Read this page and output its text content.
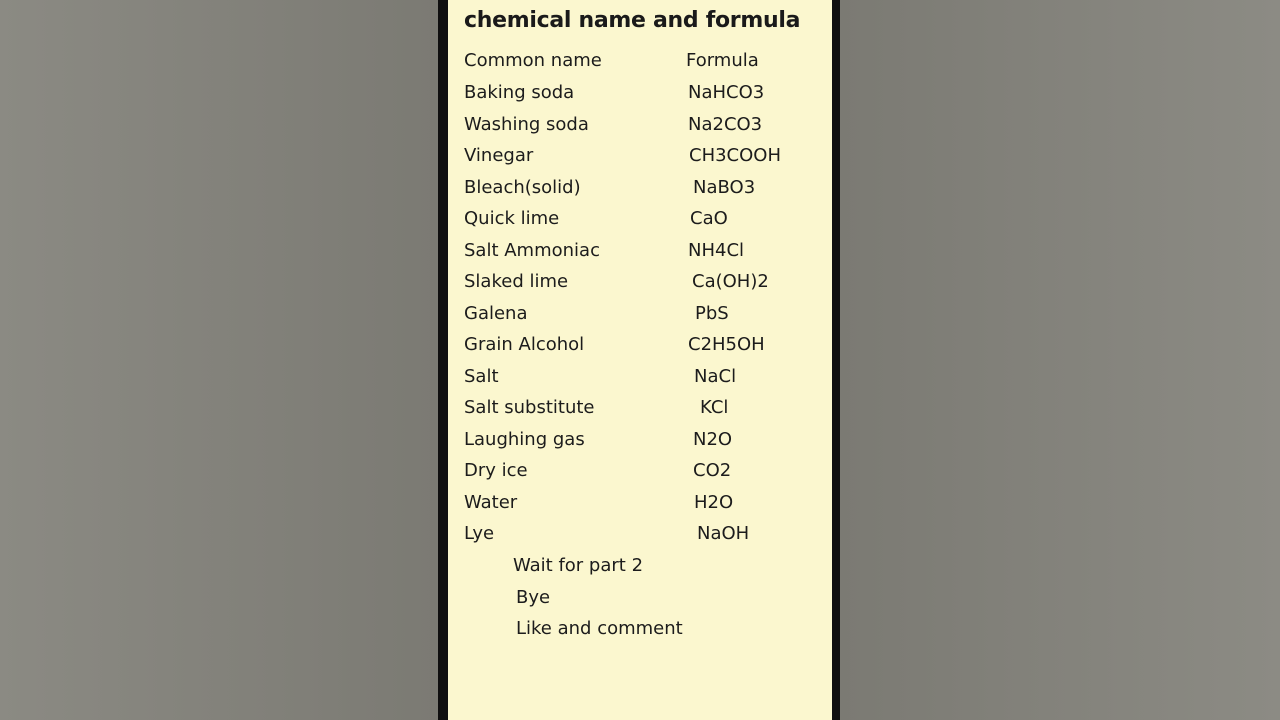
chemical name and formula
Common name	Formula
Baking soda	NaHCO3
Washing soda	Na2CO3
Vinegar	CH3COOH
Bleach(solid)	NaBO3
Quick lime	CaO
Salt Ammoniac	NH4Cl
Slaked lime	Ca(OH)2
Galena	PbS
Grain Alcohol	C2H5OH
Salt	NaCl
Salt substitute	KCl
Laughing gas	N2O
Dry ice	CO2
Water	H2O
Lye	NaOH
Wait for part 2
Bye
Like and comment
